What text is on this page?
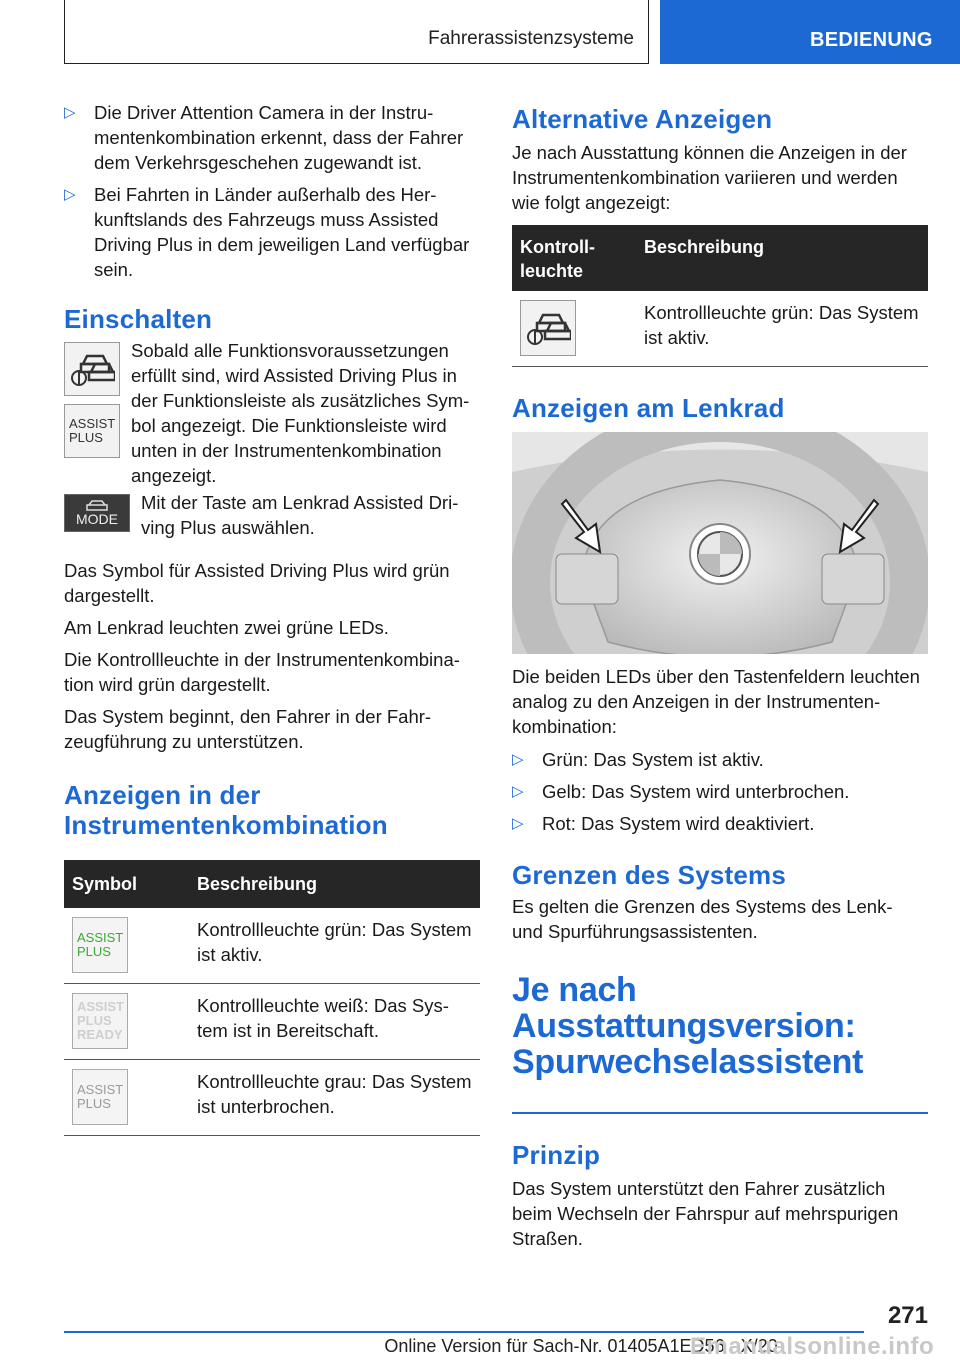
Fahrerassistenzsysteme	BEDIENUNG
▷ Die Driver Attention Camera in der Instrumentenkombination erkennt, dass der Fahrer dem Verkehrsgeschehen zugewandt ist.
▷ Bei Fahrten in Länder außerhalb des Herkunftslands des Fahrzeugs muss Assisted Driving Plus in dem jeweiligen Land verfügbar sein.
Einschalten
ASSIST
PLUS

Sobald alle Funktionsvoraussetzungen erfüllt sind, wird Assisted Driving Plus in der Funktionsleiste als zusätzliches Symbol angezeigt. Die Funktionsleiste wird unten in der Instrumentenkombination angezeigt.

MODE

Mit der Taste am Lenkrad Assisted Driving Plus auswählen.

Das Symbol für Assisted Driving Plus wird grün dargestellt.

Am Lenkrad leuchten zwei grüne LEDs.

Die Kontrollleuchte in der Instrumentenkombination wird grün dargestellt.

Das System beginnt, den Fahrer in der Fahrzeugführung zu unterstützen.

Anzeigen in der Instrumentenkombination
Symbol	Beschreibung

ASSIST
PLUS	Kontrollleuchte grün: Das System ist aktiv.

ASSIST
PLUS
READY	Kontrollleuchte weiß: Das System ist in Bereitschaft.

ASSIST
PLUS	Kontrollleuchte grau: Das System ist unterbrochen.
Alternative Anzeigen

Je nach Ausstattung können die Anzeigen in der Instrumentenkombination variieren und werden wie folgt angezeigt:

Kontrollleuchte	Beschreibung

	Kontrollleuchte grün: Das System ist aktiv.
Anzeigen am Lenkrad

Die beiden LEDs über den Tastenfeldern leuchten analog zu den Anzeigen in der Instrumentenkombination:

▷ Grün: Das System ist aktiv.
▷ Gelb: Das System wird unterbrochen.
▷ Rot: Das System wird deaktiviert.
Grenzen des Systems

Es gelten die Grenzen des Systems des Lenk- und Spurführungsassistenten.

Je nach Ausstattungsversion: Spurwechselassistent
Prinzip

Das System unterstützt den Fahrer zusätzlich beim Wechseln der Fahrspur auf mehrspurigen Straßen.

271
Online Version für Sach-Nr. 01405A1ED56 - X/20
Emanualsonline.info
